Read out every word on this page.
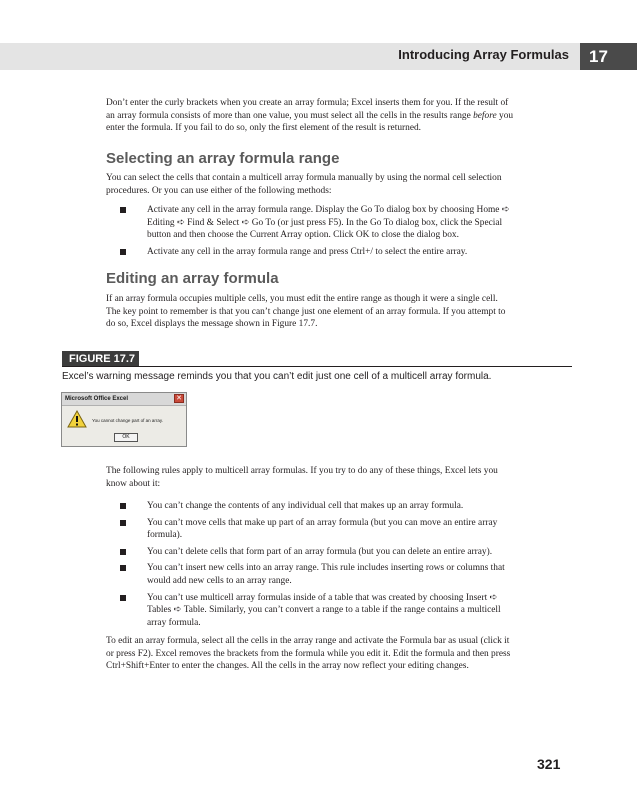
Introducing Array Formulas	17

Don’t enter the curly brackets when you create an array formula; Excel inserts them for you. If the result of
an array formula consists of more than one value, you must select all the cells in the results range before you
enter the formula. If you fail to do so, only the first element of the result is returned.

Selecting an array formula range

You can select the cells that contain a multicell array formula manually by using the normal cell selection
procedures. Or you can use either of the following methods:

Activate any cell in the array formula range. Display the Go To dialog box by choosing Home ➪
Editing ➪ Find & Select ➪ Go To (or just press F5). In the Go To dialog box, click the Special
button and then choose the Current Array option. Click OK to close the dialog box.
Activate any cell in the array formula range and press Ctrl+/ to select the entire array.
Editing an array formula

If an array formula occupies multiple cells, you must edit the entire range as though it were a single cell.
The key point to remember is that you can’t change just one element of an array formula. If you attempt to
do so, Excel displays the message shown in Figure 17.7.

FIGURE 17.7
Excel’s warning message reminds you that you can’t edit just one cell of a multicell array formula.
Microsoft Office Excel	✕
You cannot change part of an array.
OK

The following rules apply to multicell array formulas. If you try to do any of these things, Excel lets you
know about it:

You can’t change the contents of any individual cell that makes up an array formula.
You can’t move cells that make up part of an array formula (but you can move an entire array
formula).
You can’t delete cells that form part of an array formula (but you can delete an entire array).
You can’t insert new cells into an array range. This rule includes inserting rows or columns that
would add new cells to an array range.
You can’t use multicell array formulas inside of a table that was created by choosing Insert ➪
Tables ➪ Table. Similarly, you can’t convert a range to a table if the range contains a multicell
array formula.

To edit an array formula, select all the cells in the array range and activate the Formula bar as usual (click it
or press F2). Excel removes the brackets from the formula while you edit it. Edit the formula and then press
Ctrl+Shift+Enter to enter the changes. All the cells in the array now reflect your editing changes.

321
